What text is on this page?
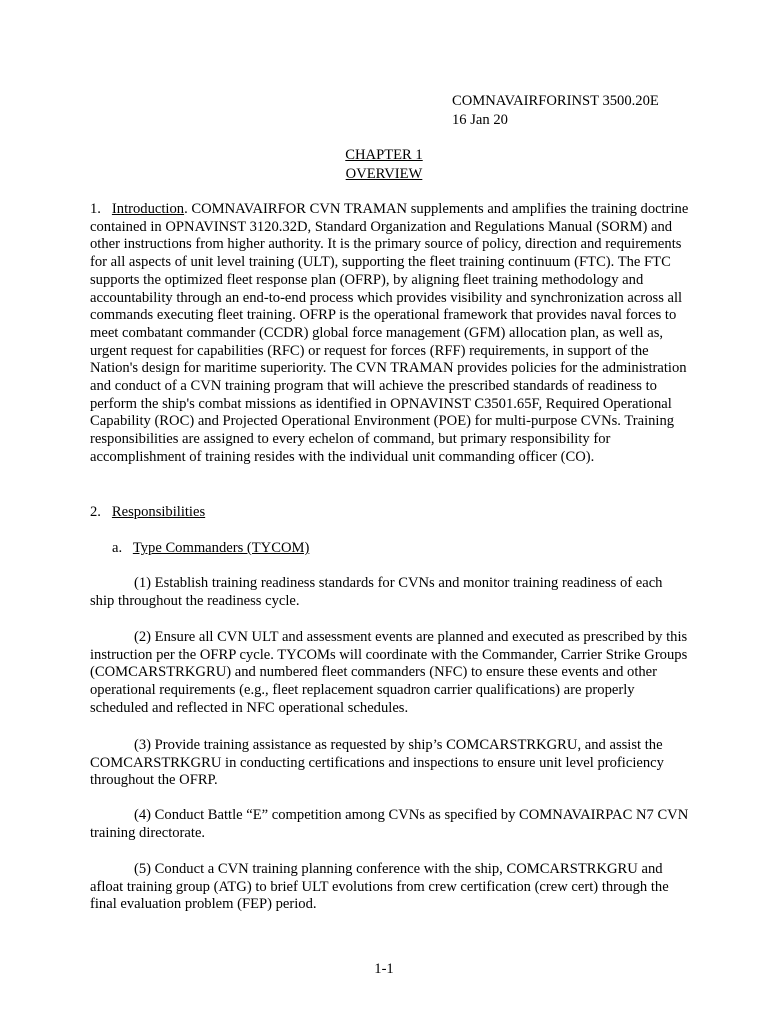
COMNAVAIRFORINST 3500.20E
16 Jan 20
CHAPTER 1
OVERVIEW

1. Introduction. COMNAVAIRFOR CVN TRAMAN supplements and amplifies the training doctrine contained in OPNAVINST 3120.32D, Standard Organization and Regulations Manual (SORM) and other instructions from higher authority. It is the primary source of policy, direction and requirements for all aspects of unit level training (ULT), supporting the fleet training continuum (FTC). The FTC supports the optimized fleet response plan (OFRP), by aligning fleet training methodology and accountability through an end-to-end process which provides visibility and synchronization across all commands executing fleet training. OFRP is the operational framework that provides naval forces to meet combatant commander (CCDR) global force management (GFM) allocation plan, as well as, urgent request for capabilities (RFC) or request for forces (RFF) requirements, in support of the Nation's design for maritime superiority. The CVN TRAMAN provides policies for the administration and conduct of a CVN training program that will achieve the prescribed standards of readiness to perform the ship's combat missions as identified in OPNAVINST C3501.65F, Required Operational Capability (ROC) and Projected Operational Environment (POE) for multi-purpose CVNs. Training responsibilities are assigned to every echelon of command, but primary responsibility for accomplishment of training resides with the individual unit commanding officer (CO).

2. Responsibilities

a. Type Commanders (TYCOM)

(1) Establish training readiness standards for CVNs and monitor training readiness of each ship throughout the readiness cycle.

(2) Ensure all CVN ULT and assessment events are planned and executed as prescribed by this instruction per the OFRP cycle. TYCOMs will coordinate with the Commander, Carrier Strike Groups (COMCARSTRKGRU) and numbered fleet commanders (NFC) to ensure these events and other operational requirements (e.g., fleet replacement squadron carrier qualifications) are properly scheduled and reflected in NFC operational schedules.

(3) Provide training assistance as requested by ship’s COMCARSTRKGRU, and assist the COMCARSTRKGRU in conducting certifications and inspections to ensure unit level proficiency throughout the OFRP.

(4) Conduct Battle “E” competition among CVNs as specified by COMNAVAIRPAC N7 CVN training directorate.

(5) Conduct a CVN training planning conference with the ship, COMCARSTRKGRU and afloat training group (ATG) to brief ULT evolutions from crew certification (crew cert) through the final evaluation problem (FEP) period.

1-1
